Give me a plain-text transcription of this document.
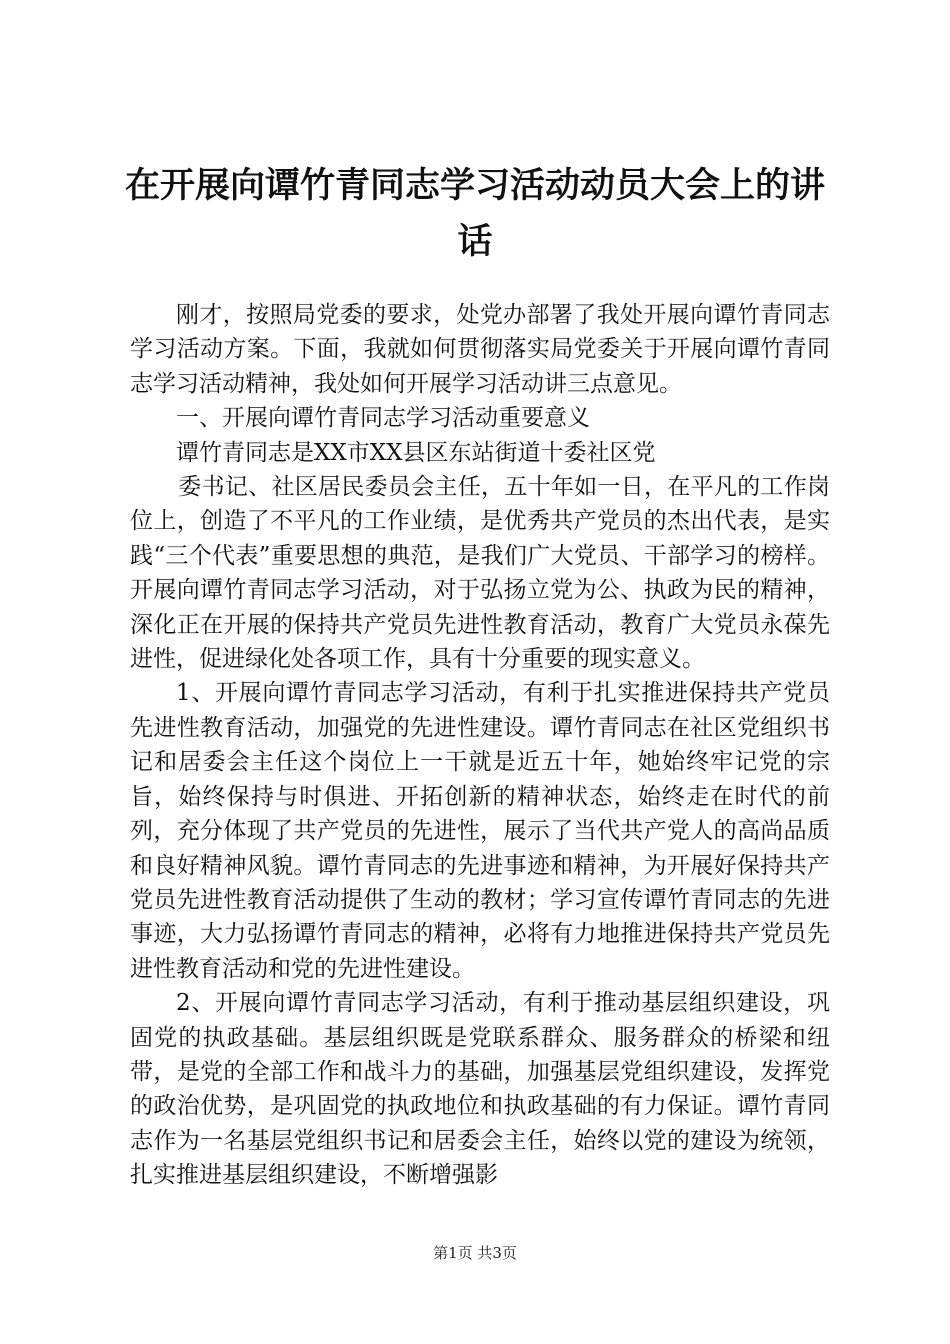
在开展向谭竹青同志学习活动动员大会上的讲话

刚才，按照局党委的要求，处党办部署了我处开展向谭竹青同志学习活动方案。下面，我就如何贯彻落实局党委关于开展向谭竹青同志学习活动精神，我处如何开展学习活动讲三点意见。

一、开展向谭竹青同志学习活动重要意义

谭竹青同志是XX市XX县区东站街道十委社区党

委书记、社区居民委员会主任，五十年如一日，在平凡的工作岗位上，创造了不平凡的工作业绩，是优秀共产党员的杰出代表，是实践“三个代表”重要思想的典范，是我们广大党员、干部学习的榜样。开展向谭竹青同志学习活动，对于弘扬立党为公、执政为民的精神，深化正在开展的保持共产党员先进性教育活动，教育广大党员永葆先进性，促进绿化处各项工作，具有十分重要的现实意义。

1、开展向谭竹青同志学习活动，有利于扎实推进保持共产党员先进性教育活动，加强党的先进性建设。谭竹青同志在社区党组织书记和居委会主任这个岗位上一干就是近五十年，她始终牢记党的宗旨，始终保持与时俱进、开拓创新的精神状态，始终走在时代的前列，充分体现了共产党员的先进性，展示了当代共产党人的高尚品质和良好精神风貌。谭竹青同志的先进事迹和精神，为开展好保持共产党员先进性教育活动提供了生动的教材；学习宣传谭竹青同志的先进事迹，大力弘扬谭竹青同志的精神，必将有力地推进保持共产党员先进性教育活动和党的先进性建设。

2、开展向谭竹青同志学习活动，有利于推动基层组织建设，巩固党的执政基础。基层组织既是党联系群众、服务群众的桥梁和纽带，是党的全部工作和战斗力的基础，加强基层党组织建设，发挥党的政治优势，是巩固党的执政地位和执政基础的有力保证。谭竹青同志作为一名基层党组织书记和居委会主任，始终以党的建设为统领，扎实推进基层组织建设，不断增强影

第1页 共3页
